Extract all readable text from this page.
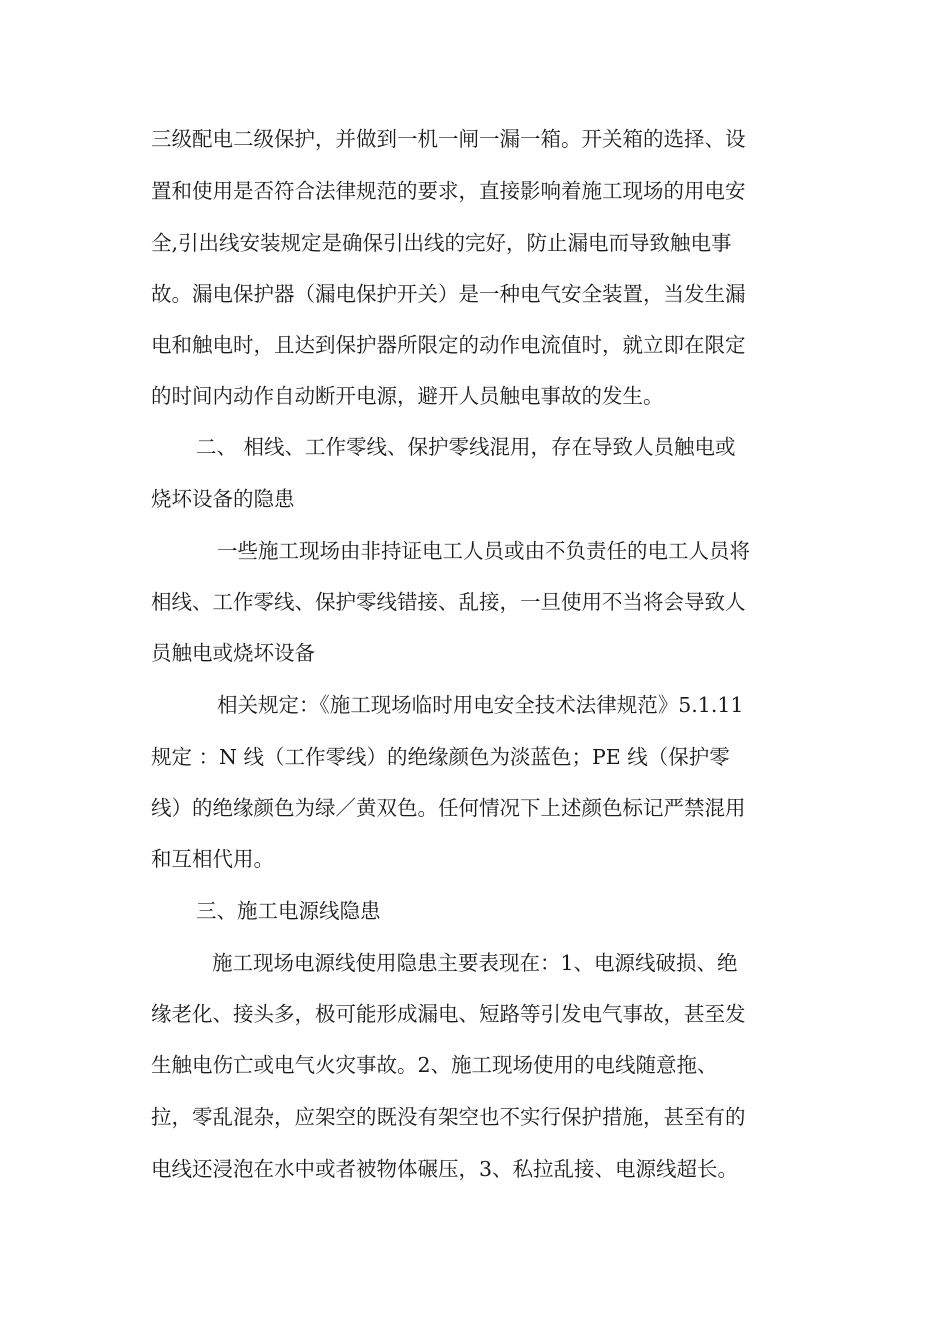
三级配电二级保护，并做到一机一闸一漏一箱。开关箱的选择、设
置和使用是否符合法律规范的要求，直接影响着施工现场的用电安
全,引出线安装规定是确保引出线的完好，防止漏电而导致触电事
故。漏电保护器（漏电保护开关）是一种电气安全装置，当发生漏
电和触电时，且达到保护器所限定的动作电流值时，就立即在限定
的时间内动作自动断开电源，避开人员触电事故的发生。
二、 相线、工作零线、保护零线混用，存在导致人员触电或
烧坏设备的隐患
一些施工现场由非持证电工人员或由不负责任的电工人员将
相线、工作零线、保护零线错接、乱接，一旦使用不当将会导致人
员触电或烧坏设备
相关规定：《施工现场临时用电安全技术法律规范》5.1.11
规定 ：N 线（工作零线）的绝缘颜色为淡蓝色；PE 线（保护零
线）的绝缘颜色为绿／黄双色。任何情况下上述颜色标记严禁混用
和互相代用。
三、施工电源线隐患
施工现场电源线使用隐患主要表现在：1、电源线破损、绝
缘老化、接头多，极可能形成漏电、短路等引发电气事故，甚至发
生触电伤亡或电气火灾事故。2、施工现场使用的电线随意拖、
拉，零乱混杂，应架空的既没有架空也不实行保护措施，甚至有的
电线还浸泡在水中或者被物体碾压，3、私拉乱接、电源线超长。
